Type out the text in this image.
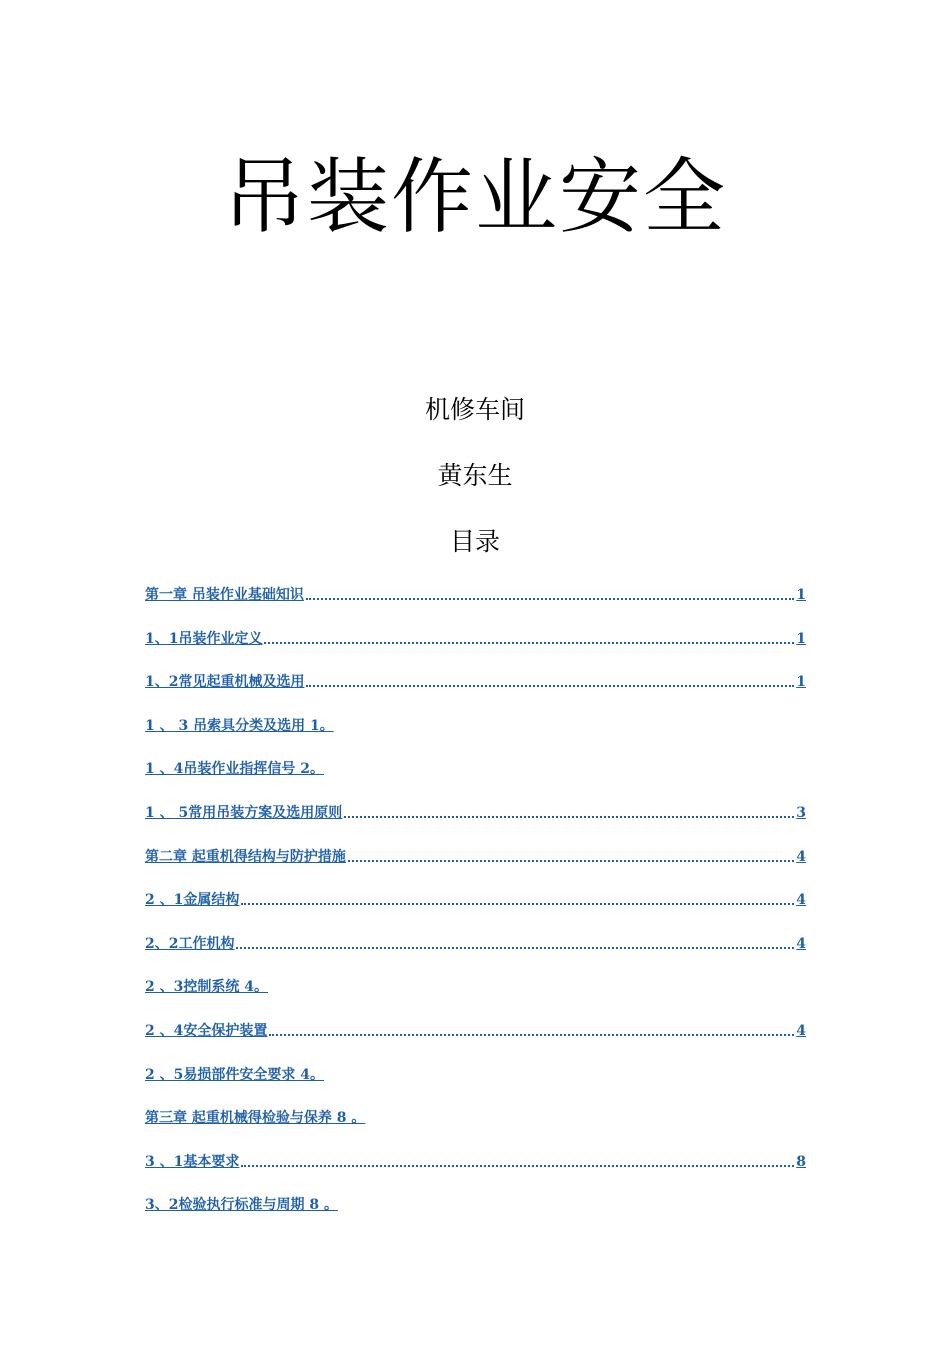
吊装作业安全
机修车间
黄东生
目录
第一章 吊装作业基础知识	1
1、1吊装作业定义	1
1、2常见起重机械及选用	1
1 、 3 吊索具分类及选用 1。
1 、4吊装作业指挥信号 2。
1 、 5常用吊装方案及选用原则	3
第二章 起重机得结构与防护措施	4
2 、1金属结构	4
2、2工作机构	4
2 、3控制系统 4。
2 、4安全保护装置	4
2 、5易损部件安全要求 4。
第三章 起重机械得检验与保养 8 。
3 、1基本要求	8
3、2检验执行标准与周期 8 。
